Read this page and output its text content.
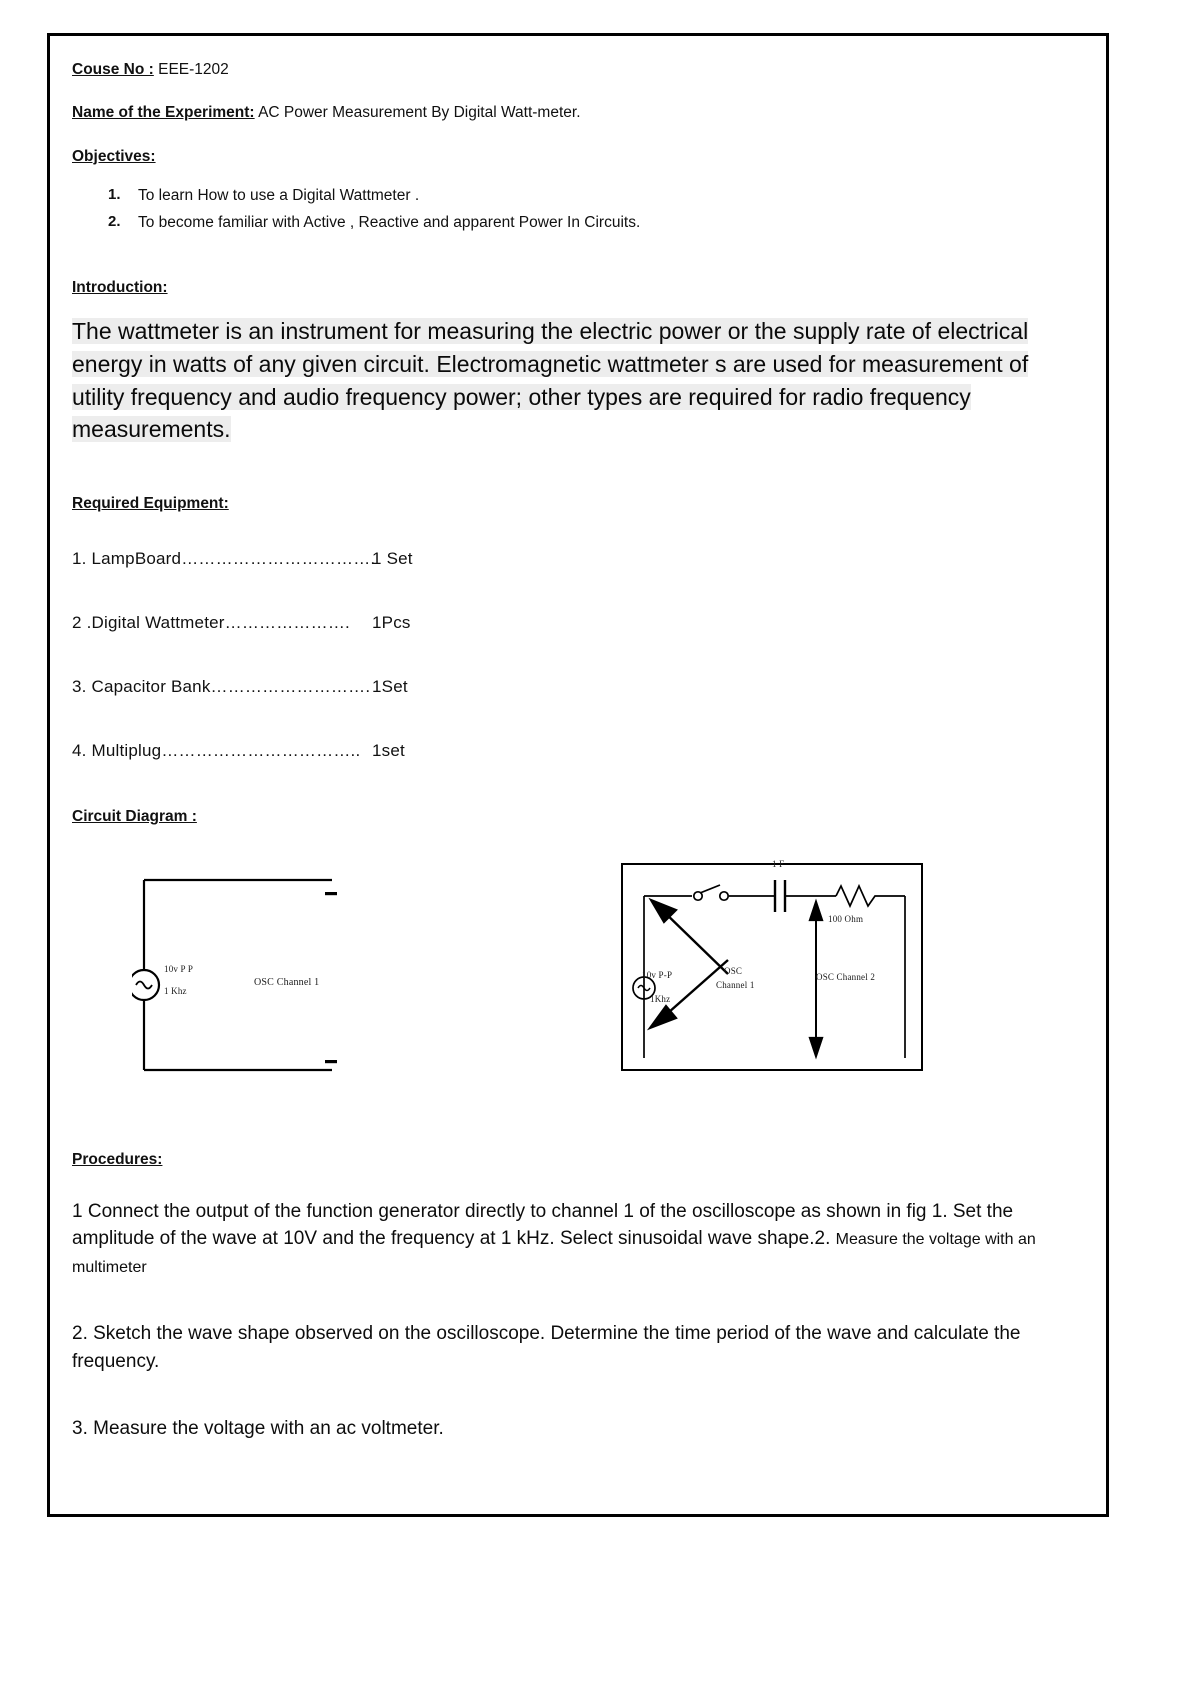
Couse No : EEE-1202
Name of the Experiment: AC Power Measurement By Digital Watt-meter.
Objectives:
1. To learn How to use a Digital Wattmeter .
2. To become familiar with Active , Reactive and apparent Power In Circuits.
Introduction:
The wattmeter is an instrument for measuring the electric power or the supply rate of electrical energy in watts of any given circuit. Electromagnetic wattmeter s are used for measurement of utility frequency and audio frequency power; other types are required for radio frequency measurements.
Required Equipment:
1. LampBoard…………………………….
1 Set
2 .Digital Wattmeter………………….	1Pcs
3. Capacitor Bank………………………. 1Set
4. Multiplug…………………………….. 1set
Circuit Diagram :
10v P P
1 Khz
OSC Channel 1
1 F
100 Ohm
10v P-P
1Khz
OSC
Channel 1
OSC Channel 2
Procedures:
1 Connect the output of the function generator directly to channel 1 of the oscilloscope as shown in fig 1. Set the amplitude of the wave at 10V and the frequency at 1 kHz. Select sinusoidal wave shape.2. Measure the voltage with an multimeter
2. Sketch the wave shape observed on the oscilloscope. Determine the time period of the wave and calculate the frequency.
3. Measure the voltage with an ac voltmeter.
